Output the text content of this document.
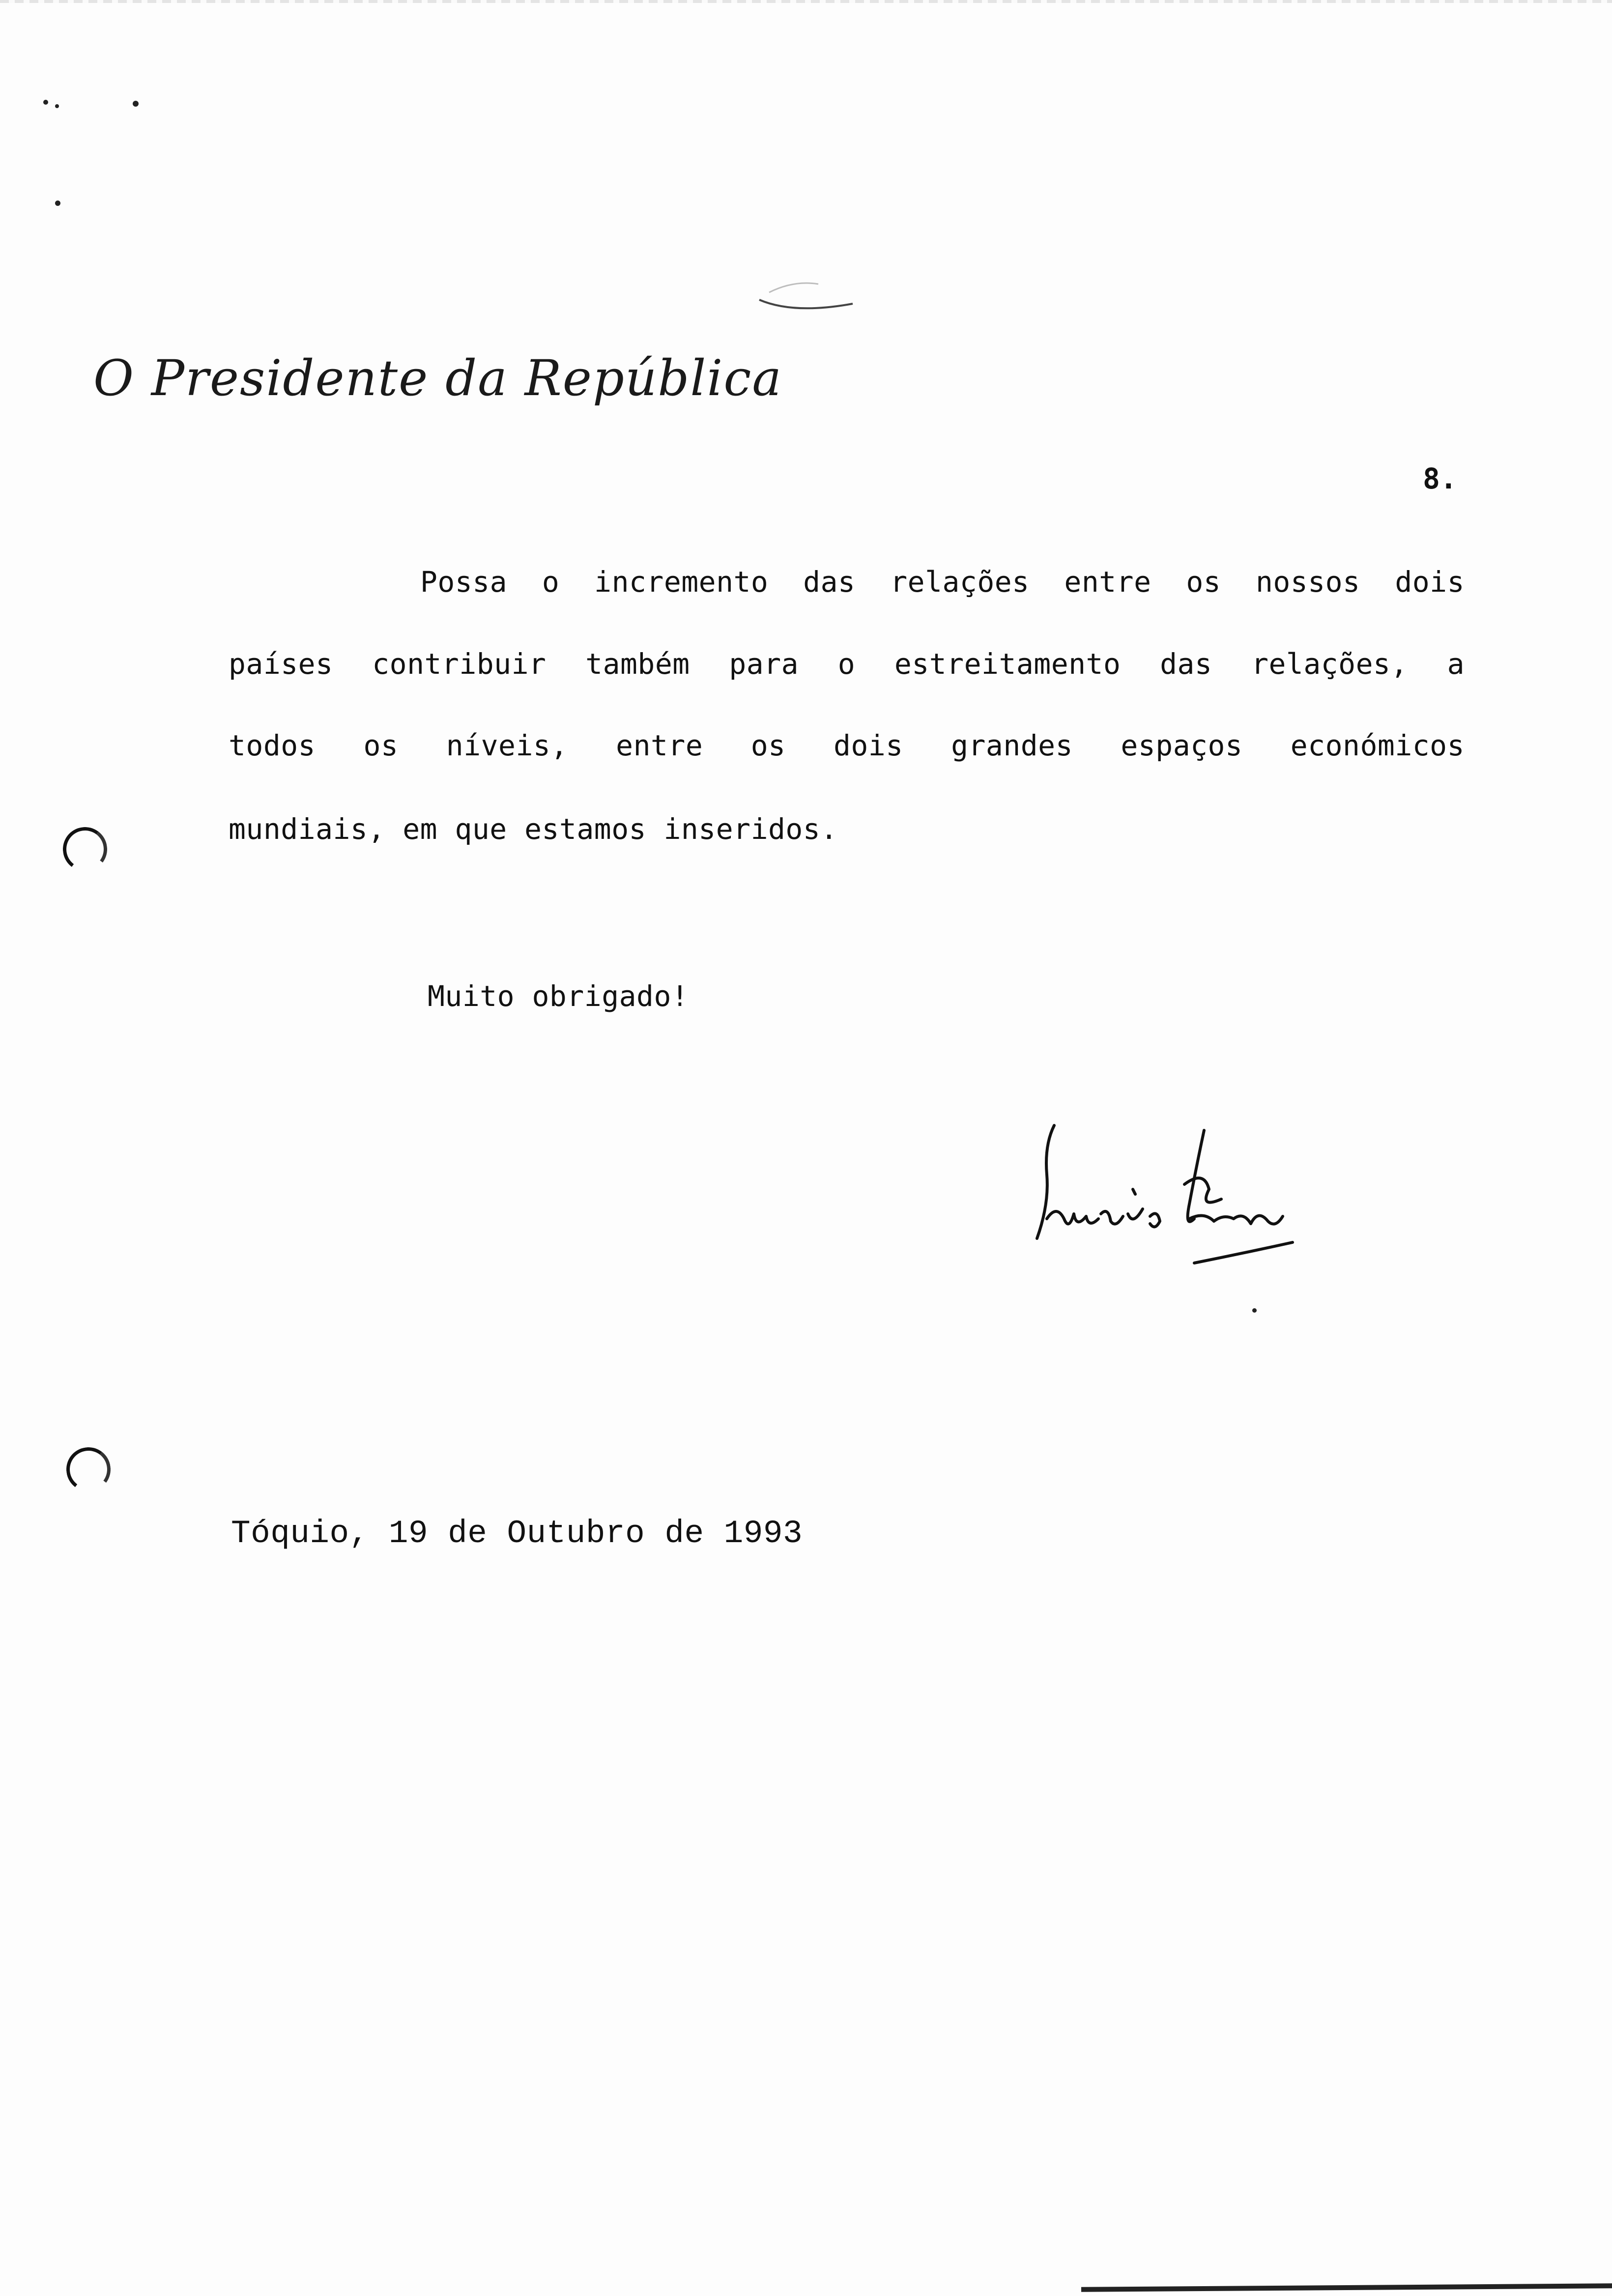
O Presidente da República
8.
Possa o incremento das relações entre os nossos dois
países contribuir também para o estreitamento das relações, a
todos os níveis, entre os dois grandes espaços económicos
mundiais, em que estamos inseridos.
Muito obrigado!
Tóquio, 19 de Outubro de 1993
